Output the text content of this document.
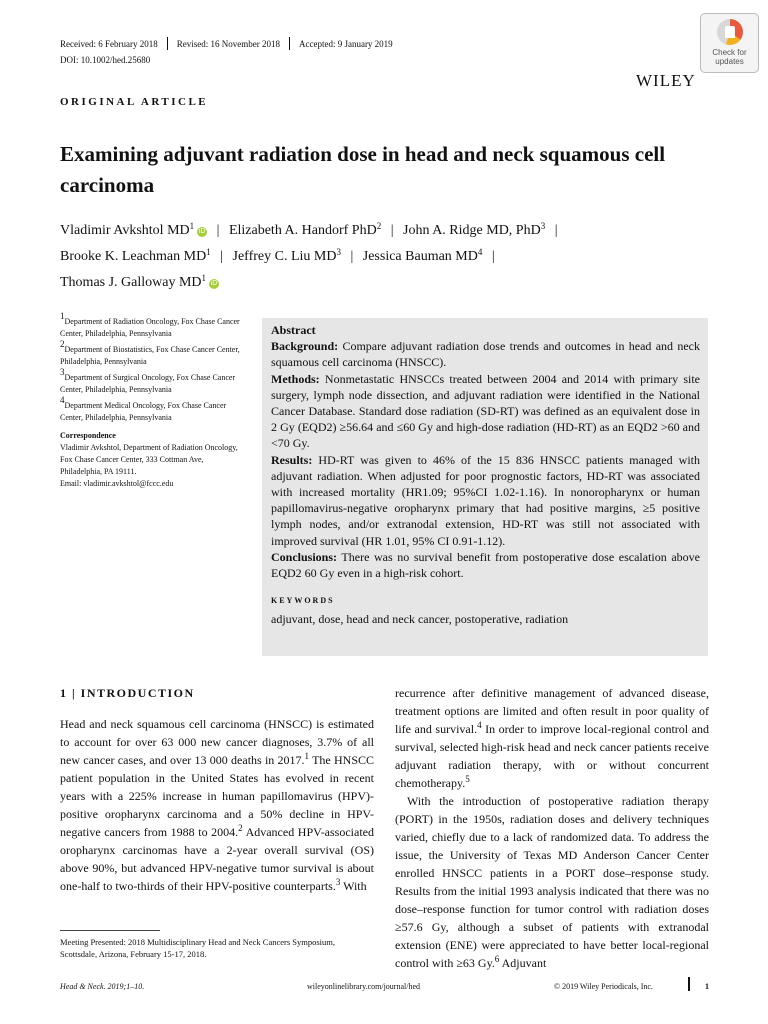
Received: 6 February 2018 Revised: 16 November 2018 Accepted: 9 January 2019
DOI: 10.1002/hed.25680
WILEY
Check for
updates
ORIGINAL ARTICLE
Examining adjuvant radiation dose in head and neck squamous cell carcinoma
Vladimir Avkshtol $MD^1iD$ | Elizabeth A. Handorf PhD$^2$ | John A. Ridge MD, PhD$^3$ |
Brooke K. Leachman $MD^1$ | Jeffrey C. Liu $MD^3$ | Jessica Bauman $MD^4$ |
Thomas J. Galloway $MD^1iD$

$^1$Department of Radiation Oncology, Fox Chase Cancer Center, Philadelphia, Pennsylvania

$^2$Department of Biostatistics, Fox Chase Cancer Center, Philadelphia, Pennsylvania

$^3$Department of Surgical Oncology, Fox Chase Cancer Center, Philadelphia, Pennsylvania

$^4$Department Medical Oncology, Fox Chase Cancer Center, Philadelphia, Pennsylvania

Correspondence

Vladimir Avkshtol, Department of Radiation Oncology, Fox Chase Cancer Center, 333 Cottman Ave, Philadelphia, PA 19111.

Email: vladimir.avkshtol@fccc.edu

Abstract

Background: Compare adjuvant radiation dose trends and outcomes in head and neck squamous cell carcinoma (HNSCC).

Methods: Nonmetastatic HNSCCs treated between 2004 and 2014 with primary site surgery, lymph node dissection, and adjuvant radiation were identified in the National Cancer Database. Standard dose radiation (SD-RT) was defined as an equivalent dose in 2 Gy (EQD2) ≥56.64 and ≤60 Gy and high-dose radiation (HD-RT) as an EQD2 >60 and <70 Gy.

Results: HD-RT was given to 46% of the 15 836 HNSCC patients managed with adjuvant radiation. When adjusted for poor prognostic factors, HD-RT was associated with increased mortality (HR1.09; 95%CI 1.02-1.16). In nonoropharynx or human papillomavirus-negative oropharynx primary that had positive margins, ≥5 positive lymph nodes, and/or extranodal extension, HD-RT was still not associated with improved survival (HR 1.01, 95% CI 0.91-1.12).

Conclusions: There was no survival benefit from postoperative dose escalation above EQD2 60 Gy even in a high-risk cohort.

KEYWORDS

adjuvant, dose, head and neck cancer, postoperative, radiation

1 | INTRODUCTION

Head and neck squamous cell carcinoma (HNSCC) is estimated to account for over 63 000 new cancer diagnoses, 3.7% of all new cancer cases, and over 13 000 deaths in 2017.$^1$ The HNSCC patient population in the United States has evolved in recent years with a 225% increase in human papillomavirus (HPV)-positive oropharynx carcinoma and a 50% decline in HPV-negative cancers from 1988 to 2004.$^2$ Advanced HPV-associated oropharynx carcinomas have a 2-year overall survival (OS) above 90%, but advanced HPV-negative tumor survival is about one-half to two-thirds of their HPV-positive counterparts.$^3$ With

recurrence after definitive management of advanced disease, treatment options are limited and often result in poor quality of life and survival.$^4$ In order to improve local-regional control and survival, selected high-risk head and neck cancer patients receive adjuvant radiation therapy, with or without concurrent chemotherapy.$^5$

With the introduction of postoperative radiation therapy (PORT) in the 1950s, radiation doses and delivery techniques varied, chiefly due to a lack of randomized data. To address the issue, the University of Texas MD Anderson Cancer Center enrolled HNSCC patients in a PORT dose–response study. Results from the initial 1993 analysis indicated that there was no dose–response function for tumor control with radiation doses ≥57.6 Gy, although a subset of patients with extranodal extension (ENE) were appreciated to have better local-regional control with ≥63 Gy.$^6$ Adjuvant

Meeting Presented: 2018 Multidisciplinary Head and Neck Cancers Symposium, Scottsdale, Arizona, February 15-17, 2018.
Head & Neck. 2019;1–10.	wileyonlinelibrary.com/journal/hed	© 2019 Wiley Periodicals, Inc.	1
